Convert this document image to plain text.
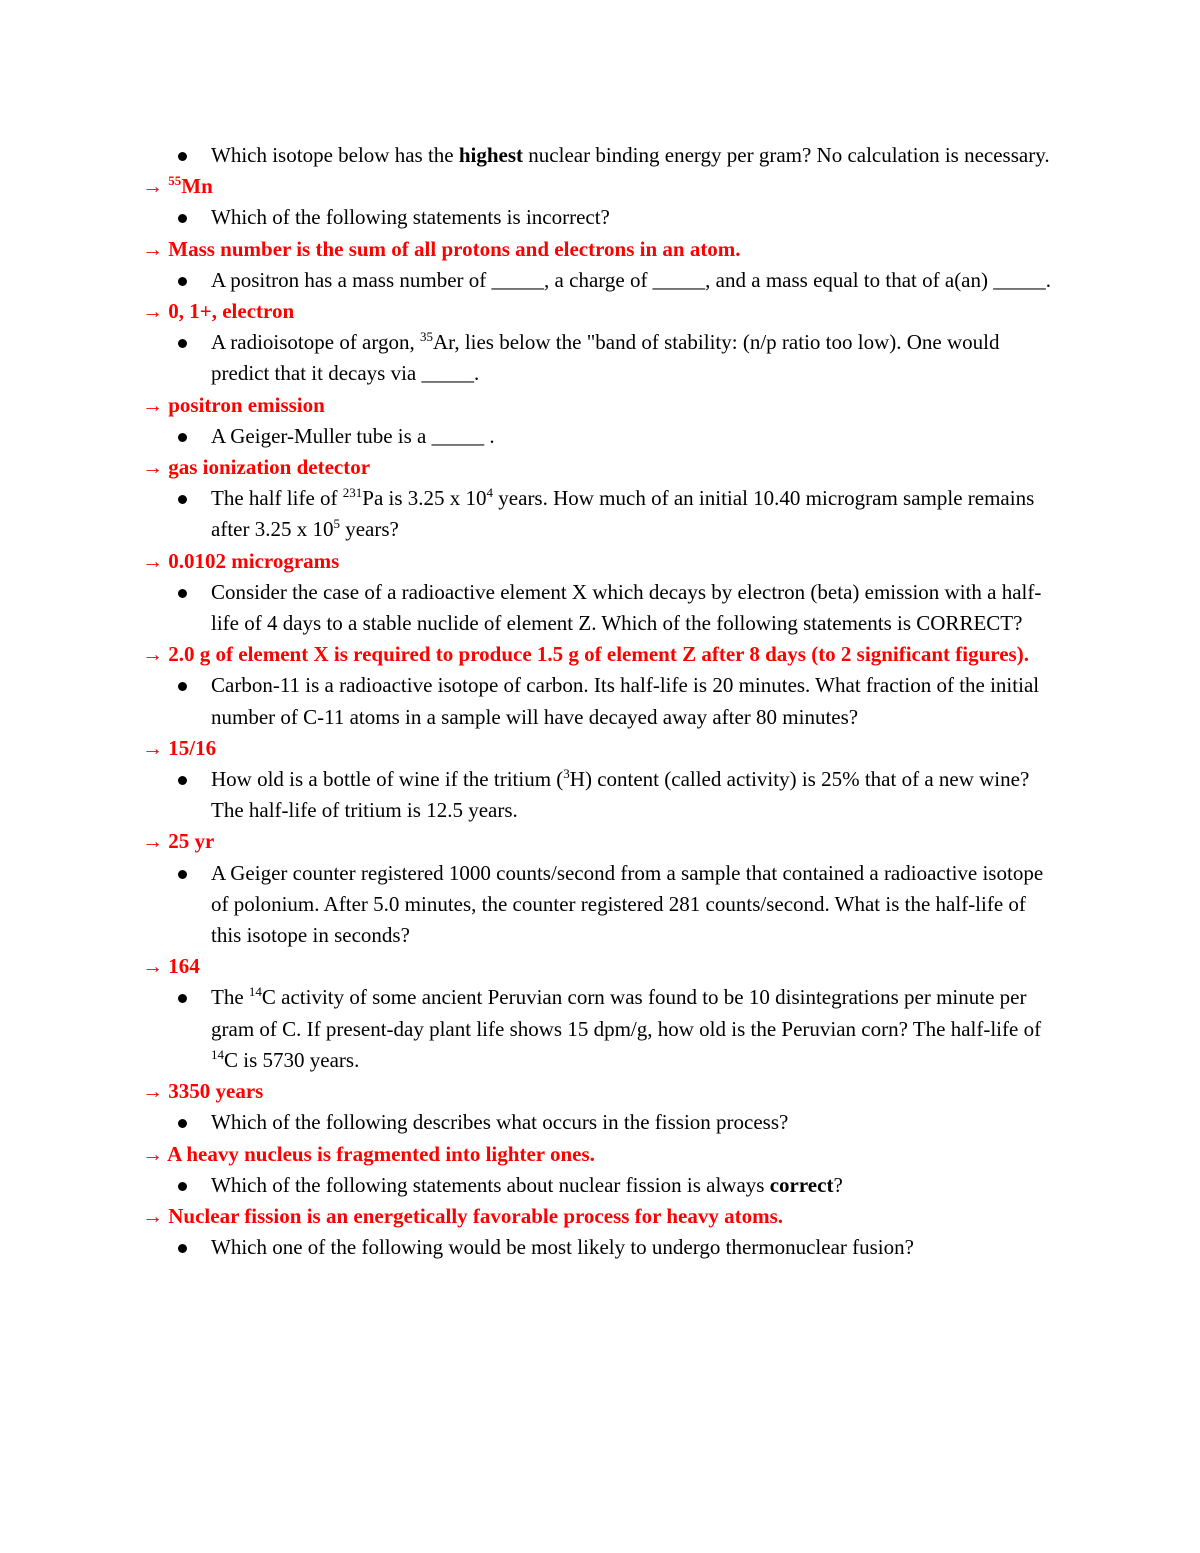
Which isotope below has the highest nuclear binding energy per gram? No calculation is necessary.
→ $^{55}$Mn
Which of the following statements is incorrect?
→ Mass number is the sum of all protons and electrons in an atom.
A positron has a mass number of _____, a charge of _____, and a mass equal to that of a(an) _____.
→ 0, 1+, electron
A radioisotope of argon, $^{35}$Ar, lies below the "band of stability: (n/p ratio too low). One would predict that it decays via _____.
→ positron emission
A Geiger-Muller tube is a _____ .
→ gas ionization detector
The half life of $^{231}$Pa is 3.25 x $10^4$ years. How much of an initial 10.40 microgram sample remains after 3.25 x $10^5$ years?
→ 0.0102 micrograms
Consider the case of a radioactive element X which decays by electron (beta) emission with a half-life of 4 days to a stable nuclide of element Z. Which of the following statements is CORRECT?
→ 2.0 g of element X is required to produce 1.5 g of element Z after 8 days (to 2 significant figures).
Carbon-11 is a radioactive isotope of carbon. Its half-life is 20 minutes. What fraction of the initial number of C-11 atoms in a sample will have decayed away after 80 minutes?
→ 15/16
How old is a bottle of wine if the tritium ($^3$H) content (called activity) is 25% that of a new wine? The half-life of tritium is 12.5 years.
→ 25 yr
A Geiger counter registered 1000 counts/second from a sample that contained a radioactive isotope of polonium. After 5.0 minutes, the counter registered 281 counts/second. What is the half-life of this isotope in seconds?
→ 164
The $^{14}$C activity of some ancient Peruvian corn was found to be 10 disintegrations per minute per gram of C. If present-day plant life shows 15 dpm/g, how old is the Peruvian corn? The half-life of $^{14}$C is 5730 years.
→ 3350 years
Which of the following describes what occurs in the fission process?
→ A heavy nucleus is fragmented into lighter ones.
Which of the following statements about nuclear fission is always correct?
→ Nuclear fission is an energetically favorable process for heavy atoms.
Which one of the following would be most likely to undergo thermonuclear fusion?
